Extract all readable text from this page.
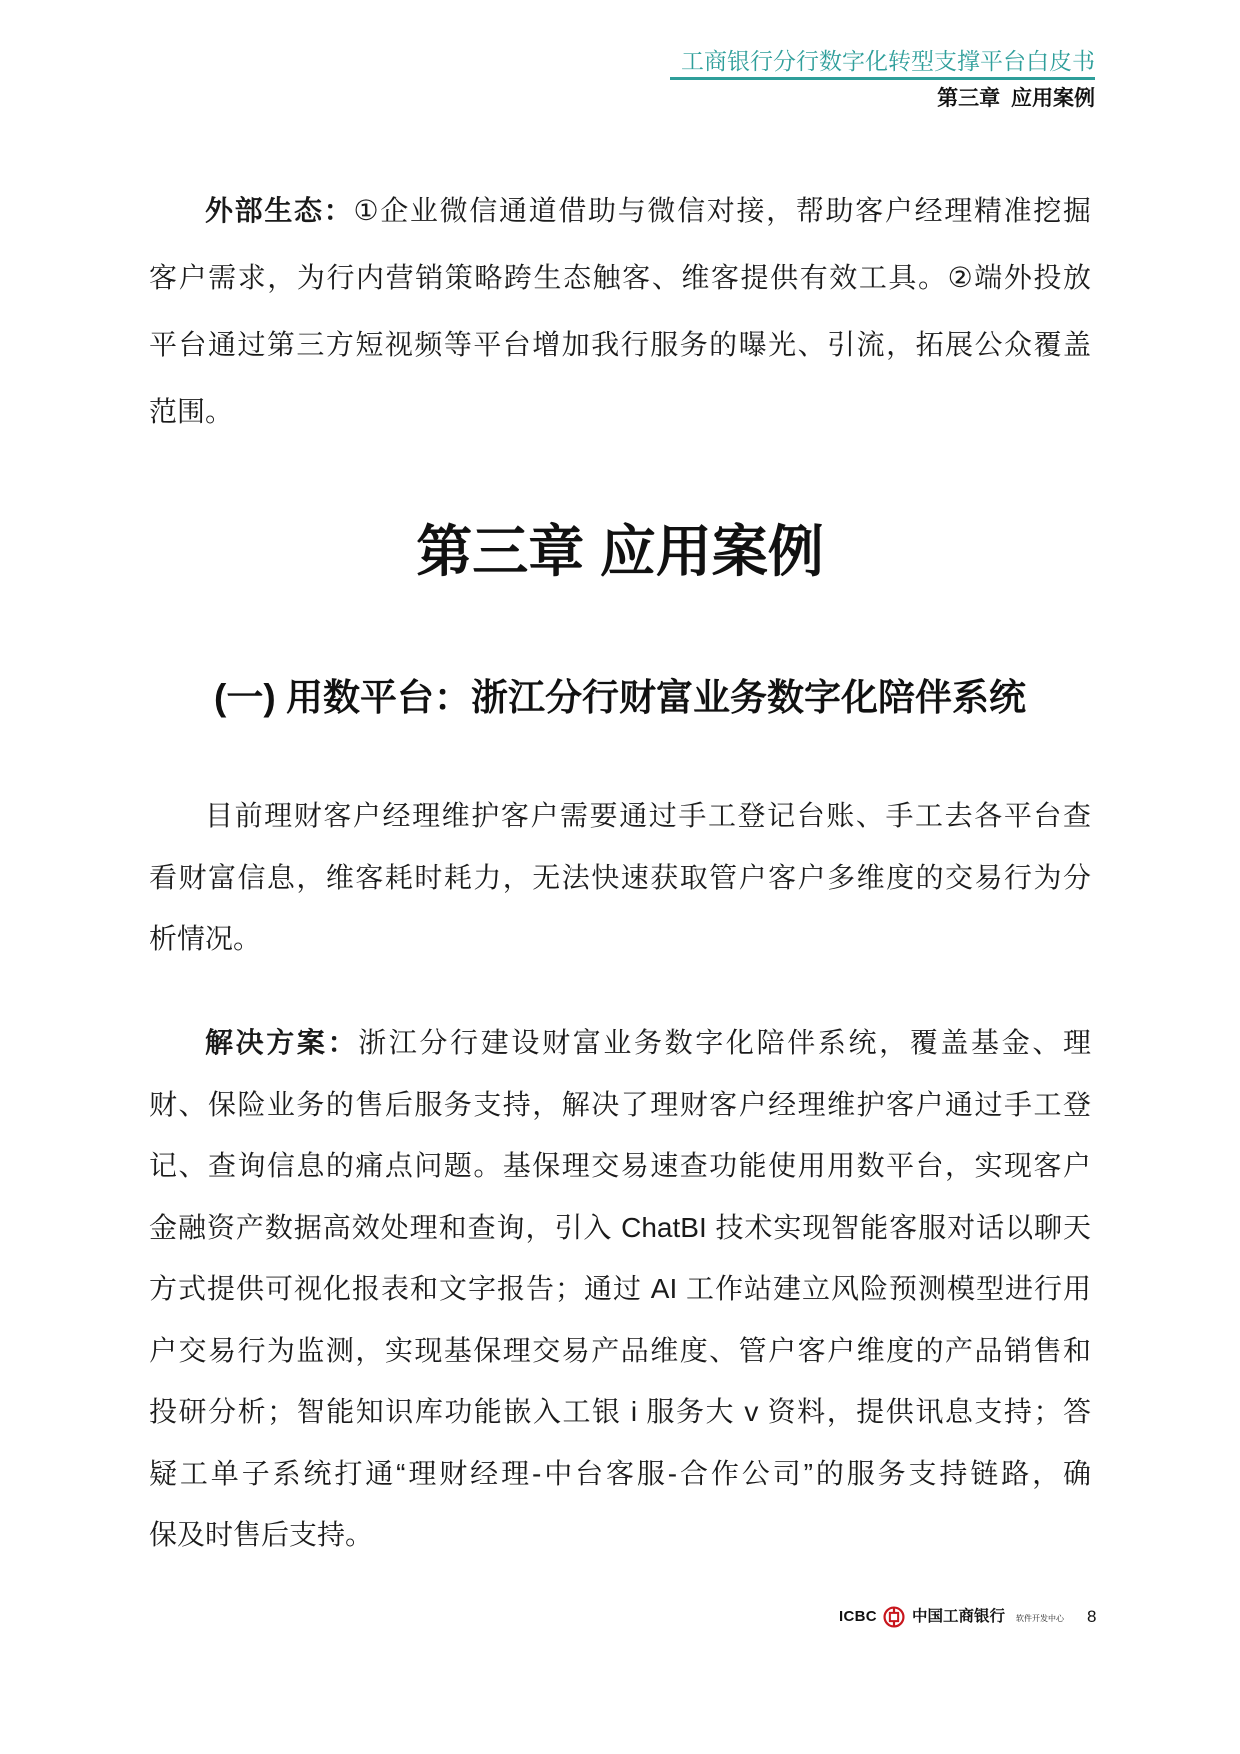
工商银行分行数字化转型支撑平台白皮书
第三章 应用案例
外部生态：①企业微信通道借助与微信对接，帮助客户经理精准挖掘
客户需求，为行内营销策略跨生态触客、维客提供有效工具。②端外投放
平台通过第三方短视频等平台增加我行服务的曝光、引流，拓展公众覆盖
范围。
第三章 应用案例
(一) 用数平台：浙江分行财富业务数字化陪伴系统
目前理财客户经理维护客户需要通过手工登记台账、手工去各平台查
看财富信息，维客耗时耗力，无法快速获取管户客户多维度的交易行为分
析情况。
解决方案：浙江分行建设财富业务数字化陪伴系统，覆盖基金、理
财、保险业务的售后服务支持，解决了理财客户经理维护客户通过手工登
记、查询信息的痛点问题。基保理交易速查功能使用用数平台，实现客户
金融资产数据高效处理和查询，引入 ChatBI 技术实现智能客服对话以聊天
方式提供可视化报表和文字报告；通过 AI 工作站建立风险预测模型进行用
户交易行为监测，实现基保理交易产品维度、管户客户维度的产品销售和
投研分析；智能知识库功能嵌入工银 i 服务大 v 资料，提供讯息支持；答
疑工单子系统打通“理财经理-中台客服-合作公司”的服务支持链路，确
保及时售后支持。
ICBC 中国工商银行 软件开发中心 8
